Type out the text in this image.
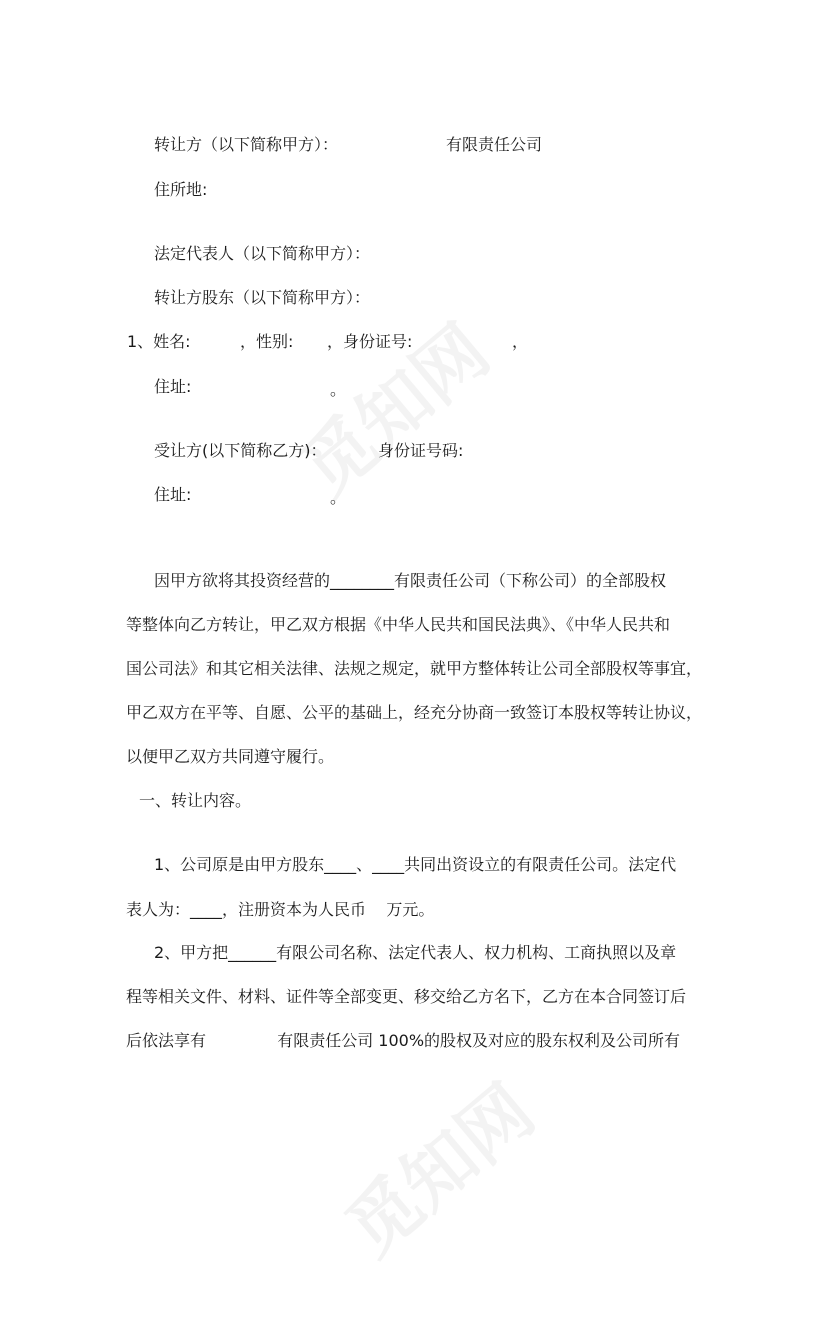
转让方（以下简称甲方）：	有限责任公司
住所地:
法定代表人（以下简称甲方）：
转让方股东（以下简称甲方）：
1、姓名:	，性别: ，身份证号:	，
住址:	。
受让方(以下简称乙方)：	身份证号码:
住址:	。
因甲方欲将其投资经营的________有限责任公司（下称公司）的全部股权
等整体向乙方转让，甲乙双方根据《中华人民共和国民法典》、《中华人民共和
国公司法》和其它相关法律、法规之规定，就甲方整体转让公司全部股权等事宜，
甲乙双方在平等、自愿、公平的基础上，经充分协商一致签订本股权等转让协议，
以便甲乙双方共同遵守履行。
一、转让内容。
1、公司原是由甲方股东____、____共同出资设立的有限责任公司。法定代
表人为：____，注册资本为人民币    万元。
2、甲方把______有限公司名称、法定代表人、权力机构、工商执照以及章
程等相关文件、材料、证件等全部变更、移交给乙方名下，乙方在本合同签订后
后依法享有              有限责任公司 100%的股权及对应的股东权利及公司所有
